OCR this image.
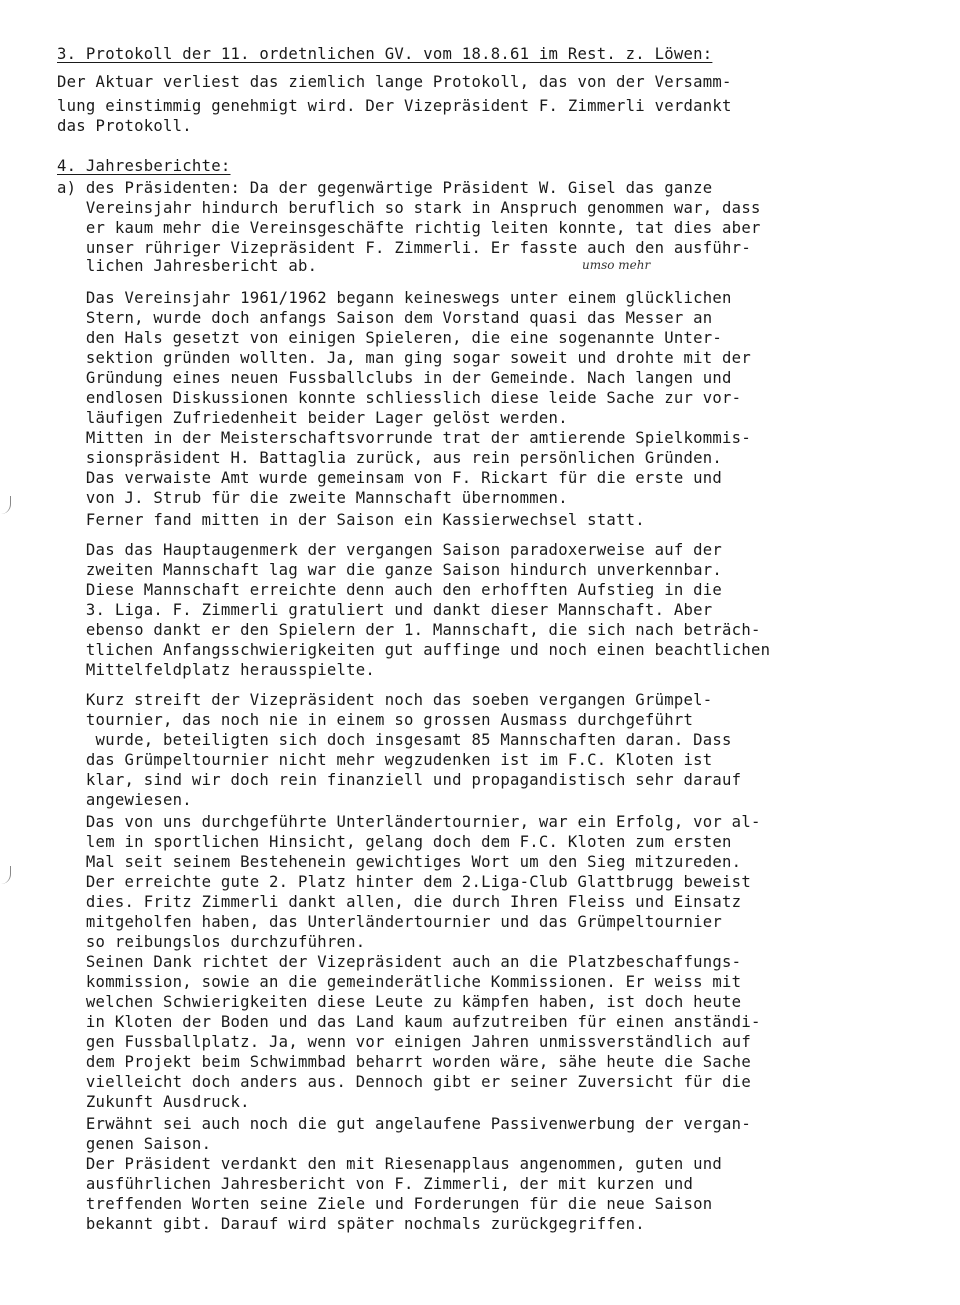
3. Protokoll der 11. ordetnlichen GV. vom 18.8.61 im Rest. z. Löwen:
Der Aktuar verliest das ziemlich lange Protokoll, das von der Versamm-
lung einstimmig genehmigt wird. Der Vizepräsident F. Zimmerli verdankt
das Protokoll.
4. Jahresberichte:
a) des Präsidenten: Da der gegenwärtige Präsident W. Gisel das ganze
Vereinsjahr hindurch beruflich so stark in Anspruch genommen war, dass
er kaum mehr die Vereinsgeschäfte richtig leiten konnte, tat dies aber
unser rühriger Vizepräsident F. Zimmerli. Er fasste auch den ausführ-
lichen Jahresbericht ab.	umso mehr
Das Vereinsjahr 1961/1962 begann keineswegs unter einem glücklichen
Stern, wurde doch anfangs Saison dem Vorstand quasi das Messer an
den Hals gesetzt von einigen Spieleren, die eine sogenannte Unter-
sektion gründen wollten. Ja, man ging sogar soweit und drohte mit der
Gründung eines neuen Fussballclubs in der Gemeinde. Nach langen und
endlosen Diskussionen konnte schliesslich diese leide Sache zur vor-
läufigen Zufriedenheit beider Lager gelöst werden.
Mitten in der Meisterschaftsvorrunde trat der amtierende Spielkommis-
sionspräsident H. Battaglia zurück, aus rein persönlichen Gründen.
Das verwaiste Amt wurde gemeinsam von F. Rickart für die erste und
von J. Strub für die zweite Mannschaft übernommen.
Ferner fand mitten in der Saison ein Kassierwechsel statt.
Das das Hauptaugenmerk der vergangen Saison paradoxerweise auf der
zweiten Mannschaft lag war die ganze Saison hindurch unverkennbar.
Diese Mannschaft erreichte denn auch den erhofften Aufstieg in die
3. Liga. F. Zimmerli gratuliert und dankt dieser Mannschaft. Aber
ebenso dankt er den Spielern der 1. Mannschaft, die sich nach beträch-
tlichen Anfangsschwierigkeiten gut auffinge und noch einen beachtlichen
Mittelfeldplatz herausspielte.
Kurz streift der Vizepräsident noch das soeben vergangen Grümpel-
tournier, das noch nie in einem so grossen Ausmass durchgeführt
wurde, beteiligten sich doch insgesamt 85 Mannschaften daran. Dass
das Grümpeltournier nicht mehr wegzudenken ist im F.C. Kloten ist
klar, sind wir doch rein finanziell und propagandistisch sehr darauf
angewiesen.
Das von uns durchgeführte Unterländertournier, war ein Erfolg, vor al-
lem in sportlichen Hinsicht, gelang doch dem F.C. Kloten zum ersten
Mal seit seinem Bestehenein gewichtiges Wort um den Sieg mitzureden.
Der erreichte gute 2. Platz hinter dem 2.Liga-Club Glattbrugg beweist
dies. Fritz Zimmerli dankt allen, die durch Ihren Fleiss und Einsatz
mitgeholfen haben, das Unterländertournier und das Grümpeltournier
so reibungslos durchzuführen.
Seinen Dank richtet der Vizepräsident auch an die Platzbeschaffungs-
kommission, sowie an die gemeinderätliche Kommissionen. Er weiss mit
welchen Schwierigkeiten diese Leute zu kämpfen haben, ist doch heute
in Kloten der Boden und das Land kaum aufzutreiben für einen anständi-
gen Fussballplatz. Ja, wenn vor einigen Jahren unmissverständlich auf
dem Projekt beim Schwimmbad beharrt worden wäre, sähe heute die Sache
vielleicht doch anders aus. Dennoch gibt er seiner Zuversicht für die
Zukunft Ausdruck.
Erwähnt sei auch noch die gut angelaufene Passivenwerbung der vergan-
genen Saison.
Der Präsident verdankt den mit Riesenapplaus angenommen, guten und
ausführlichen Jahresbericht von F. Zimmerli, der mit kurzen und
treffenden Worten seine Ziele und Forderungen für die neue Saison
bekannt gibt. Darauf wird später nochmals zurückgegriffen.
